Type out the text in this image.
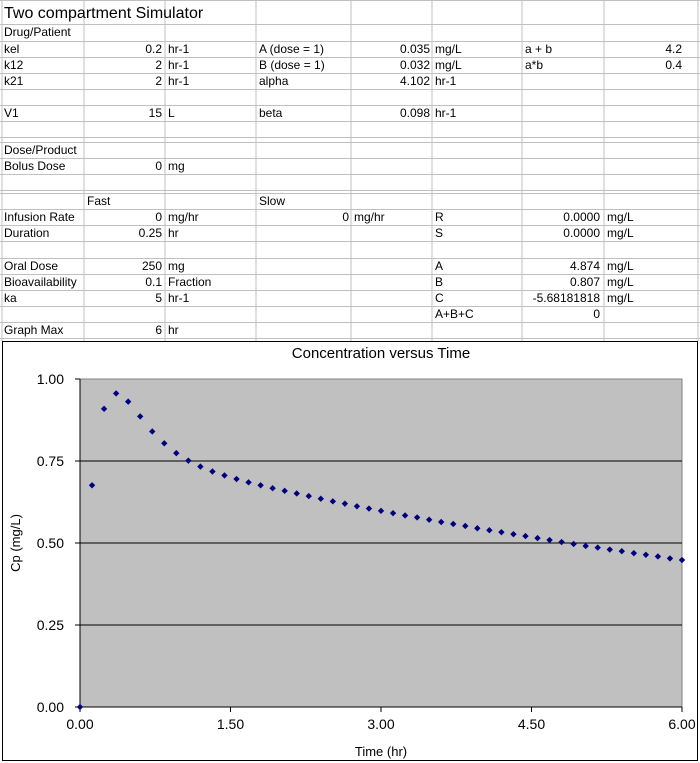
Two compartment Simulator
Drug/Patient
kel	0.2 hr-1	A (dose = 1)	0.035 mg/L	a + b	4.2
k12	2 hr-1	B (dose = 1)	0.032 mg/L	a*b	0.4
k21	2 hr-1	alpha	4.102 hr-1
V1	15 L	beta	0.098 hr-1
Dose/Product
Bolus Dose	0 mg
Fast	Slow
Infusion Rate	0 mg/hr	0 mg/hr	R	0.0000 mg/L
Duration	0.25 hr	S	0.0000 mg/L
Oral Dose	250 mg	A	4.874 mg/L
Bioavailability	0.1 Fraction	B	0.807 mg/L
ka	5 hr-1	C	-5.68181818 mg/L
A+B+C	0
Graph Max	6 hr
Concentration versus Time
0.00	1.50	3.00	4.50	6.00
0.00
0.25
0.50
0.75
1.00
Time (hr)
Cp (mg/L)
